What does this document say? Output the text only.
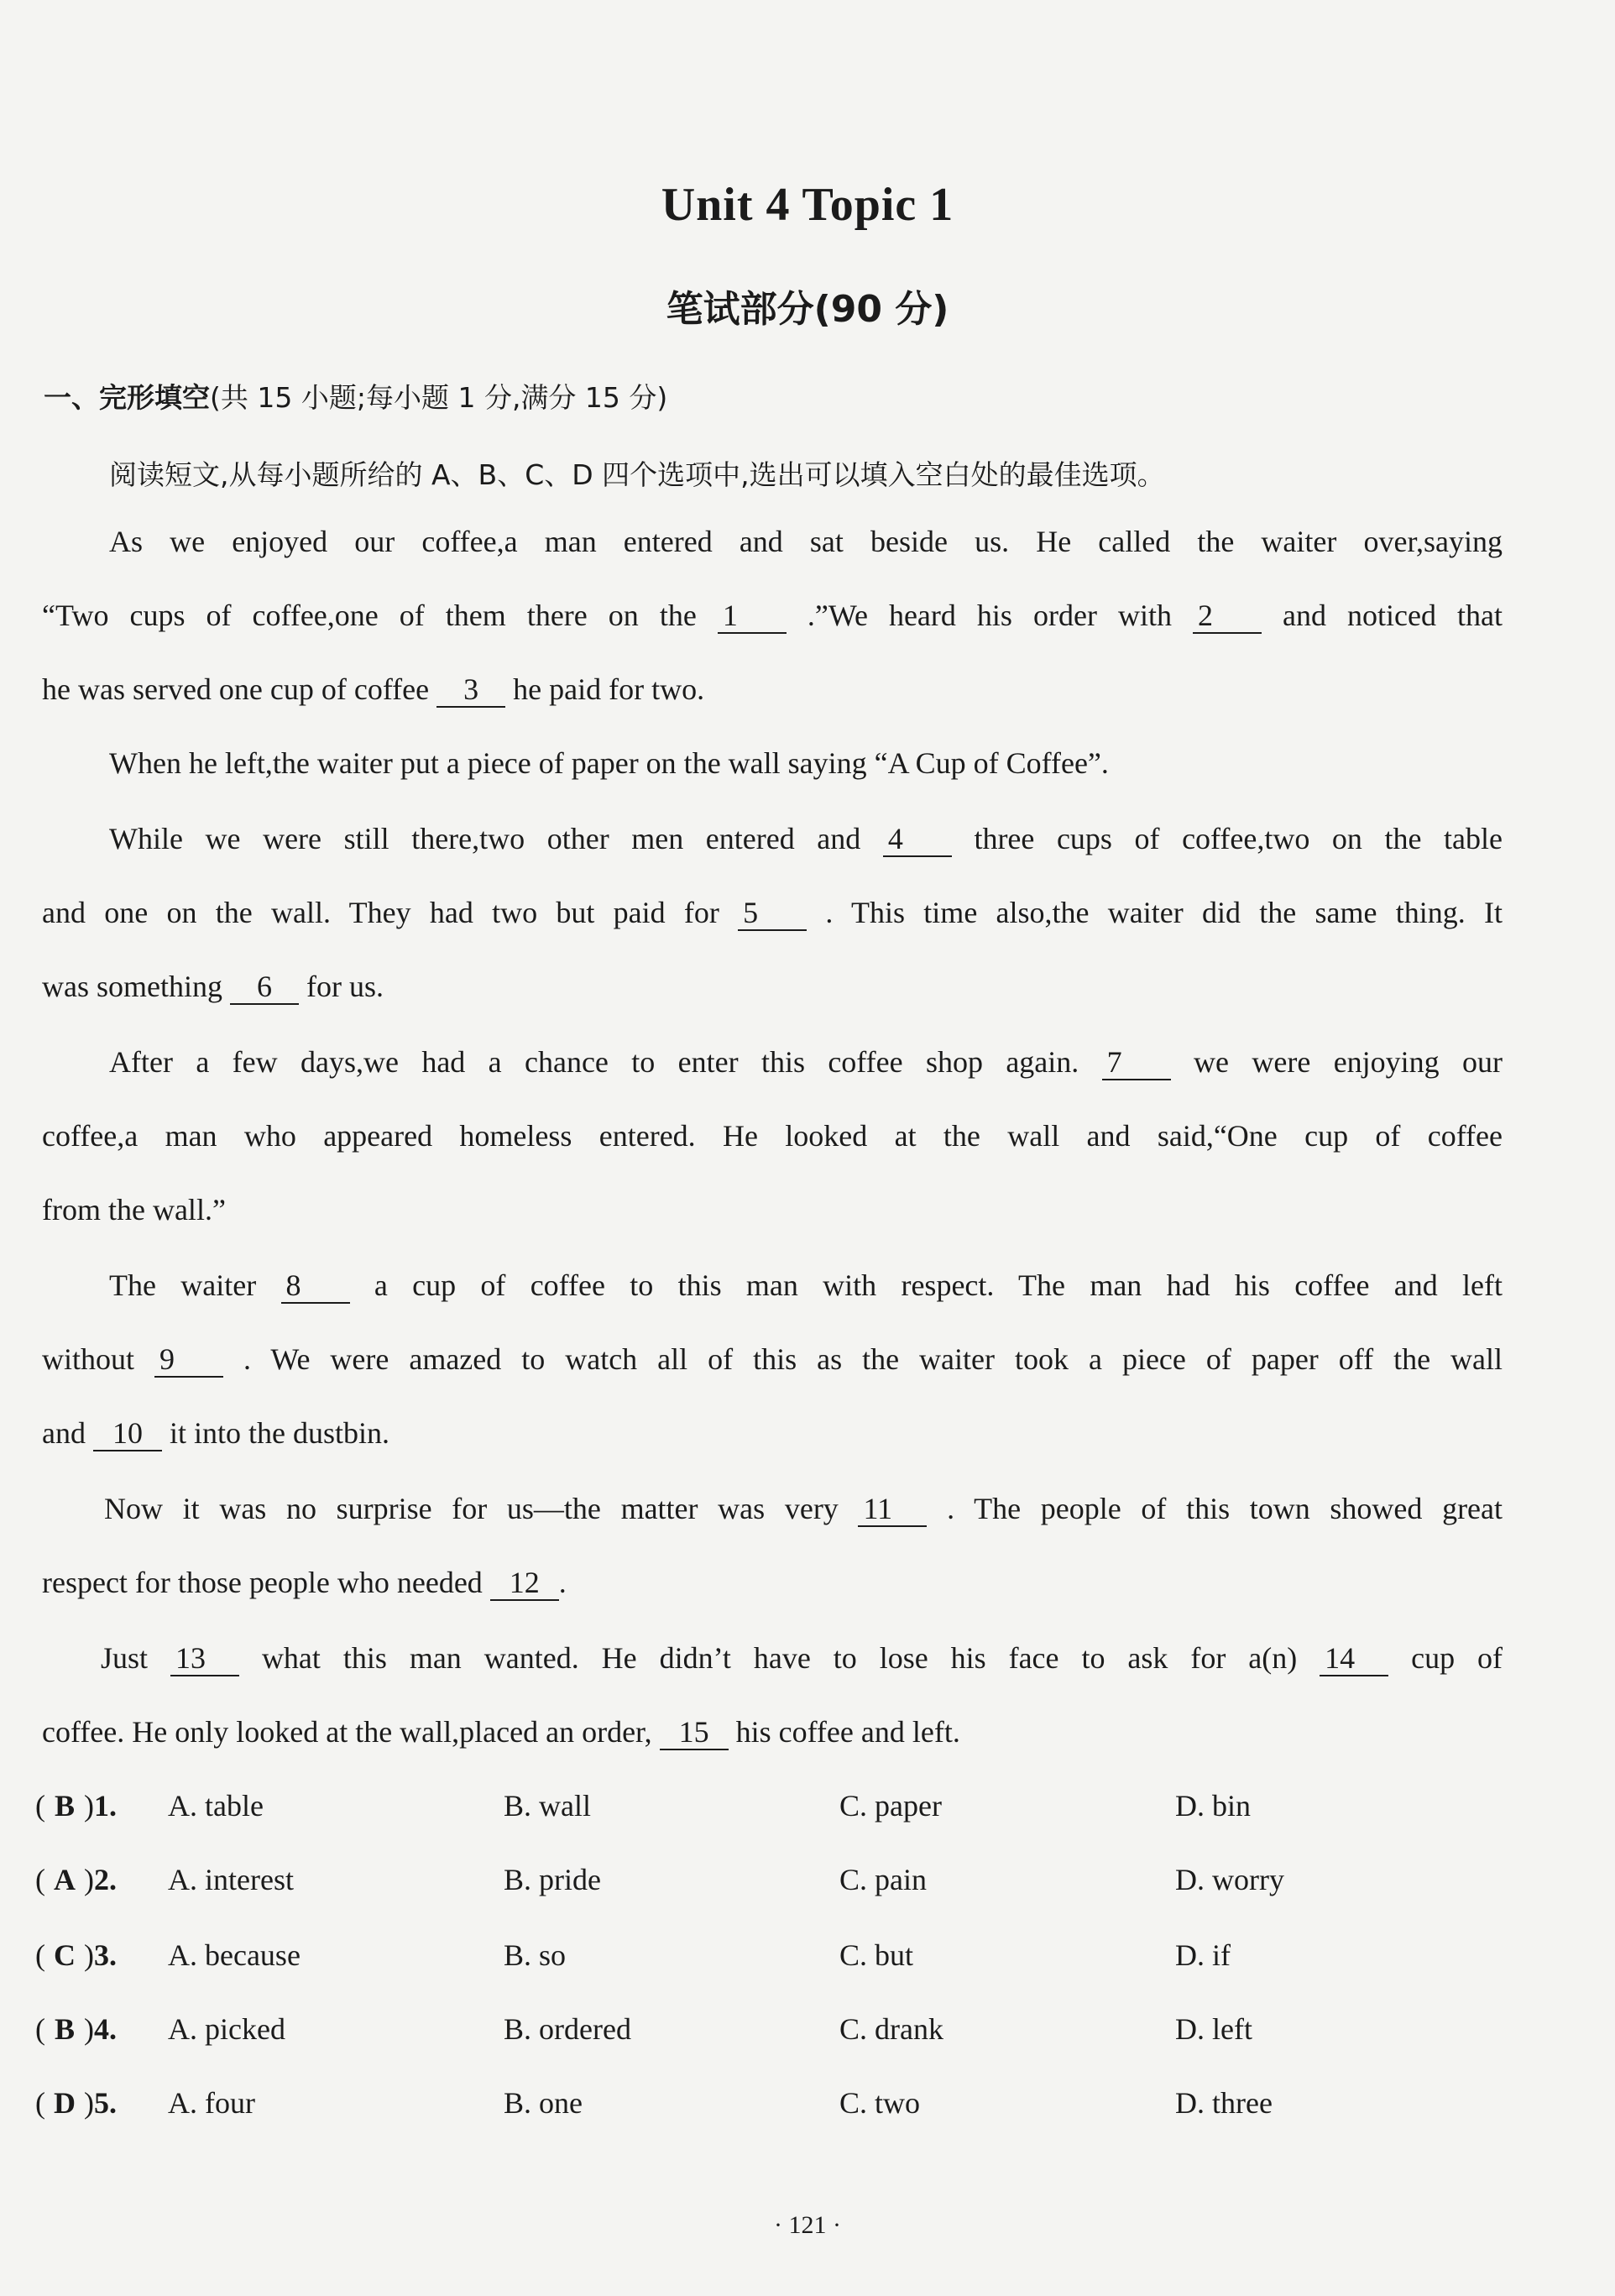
Unit 4 Topic 1
笔试部分(90 分)
一、完形填空(共 15 小题;每小题 1 分,满分 15 分)
阅读短文,从每小题所给的 A、B、C、D 四个选项中,选出可以填入空白处的最佳选项。
As we enjoyed our coffee,a man entered and sat beside us. He called the waiter over,saying
“Two cups of coffee,one of them there on the 1 .”We heard his order with 2 and noticed that
he was served one cup of coffee 3 he paid for two.
When he left,the waiter put a piece of paper on the wall saying “A Cup of Coffee”.
While we were still there,two other men entered and 4 three cups of coffee,two on the table
and one on the wall. They had two but paid for 5 . This time also,the waiter did the same thing. It
was something 6 for us.
After a few days,we had a chance to enter this coffee shop again. 7 we were enjoying our
coffee,a man who appeared homeless entered. He looked at the wall and said,“One cup of coffee
from the wall.”
The waiter 8 a cup of coffee to this man with respect. The man had his coffee and left
without 9 . We were amazed to watch all of this as the waiter took a piece of paper off the wall
and 10 it into the dustbin.
Now it was no surprise for us—the matter was very 11 . The people of this town showed great
respect for those people who needed 12 .
Just 13 what this man wanted. He didn’t have to lose his face to ask for a(n) 14 cup of
coffee. He only looked at the wall,placed an order, 15 his coffee and left.
( B )1. A. table	B. wall	C. paper	D. bin
( A )2. A. interest	B. pride	C. pain	D. worry
( C )3. A. because	B. so	C. but	D. if
( B )4. A. picked	B. ordered	C. drank	D. left
( D )5. A. four	B. one	C. two	D. three
· 121 ·
